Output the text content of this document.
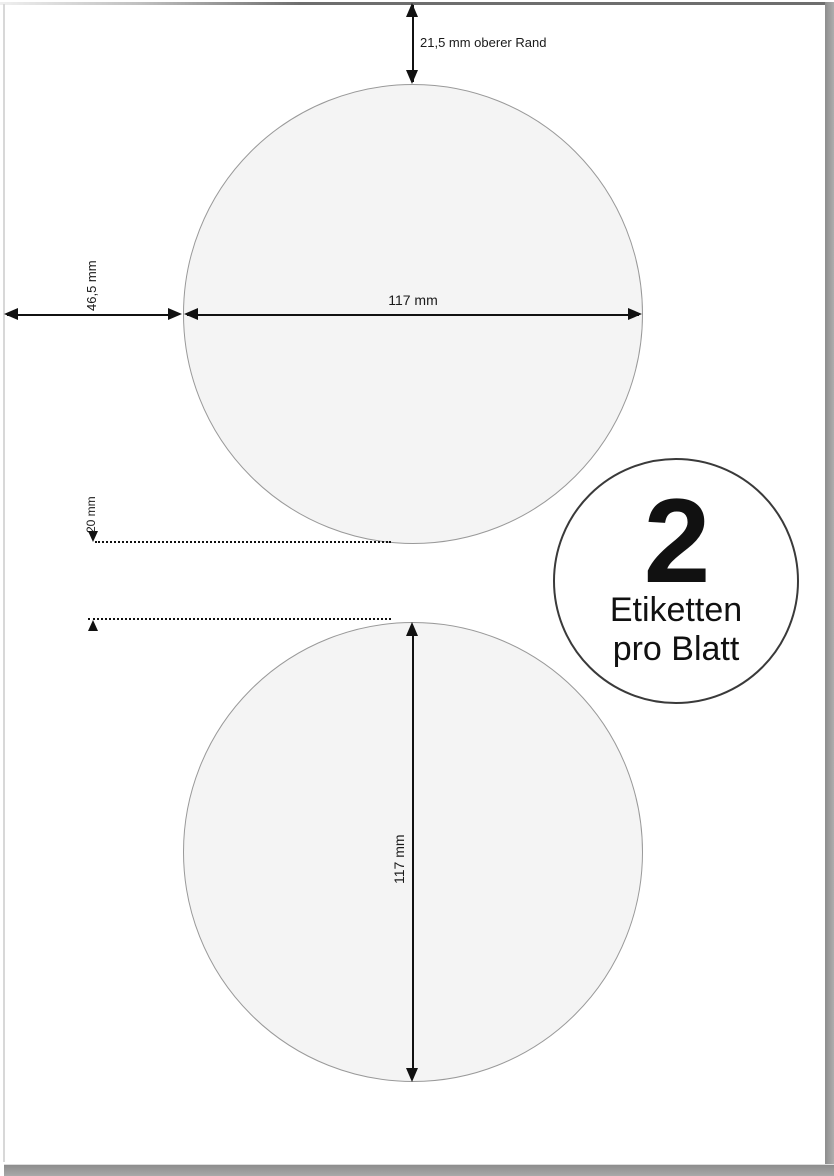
21,5 mm oberer Rand
46,5 mm	117 mm
20 mm
117 mm
2
Etiketten
pro Blatt
